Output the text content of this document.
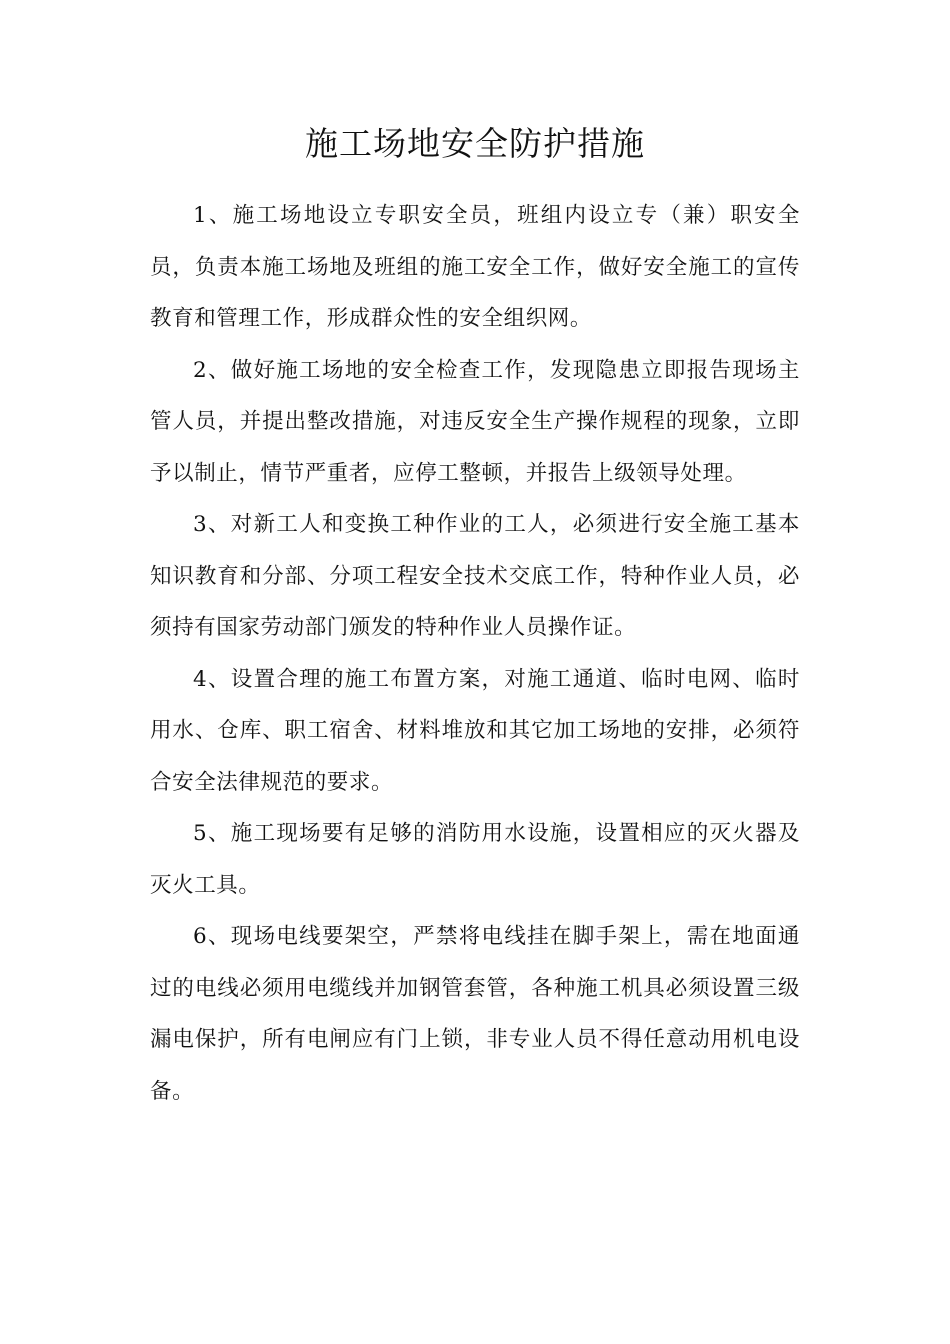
施工场地安全防护措施

1、施工场地设立专职安全员，班组内设立专（兼）职安全员，负责本施工场地及班组的施工安全工作，做好安全施工的宣传教育和管理工作，形成群众性的安全组织网。

2、做好施工场地的安全检查工作，发现隐患立即报告现场主管人员，并提出整改措施，对违反安全生产操作规程的现象，立即予以制止，情节严重者，应停工整顿，并报告上级领导处理。

3、对新工人和变换工种作业的工人，必须进行安全施工基本知识教育和分部、分项工程安全技术交底工作，特种作业人员，必须持有国家劳动部门颁发的特种作业人员操作证。

4、设置合理的施工布置方案，对施工通道、临时电网、临时用水、仓库、职工宿舍、材料堆放和其它加工场地的安排，必须符合安全法律规范的要求。

5、施工现场要有足够的消防用水设施，设置相应的灭火器及灭火工具。

6、现场电线要架空，严禁将电线挂在脚手架上，需在地面通过的电线必须用电缆线并加钢管套管，各种施工机具必须设置三级漏电保护，所有电闸应有门上锁，非专业人员不得任意动用机电设备。
